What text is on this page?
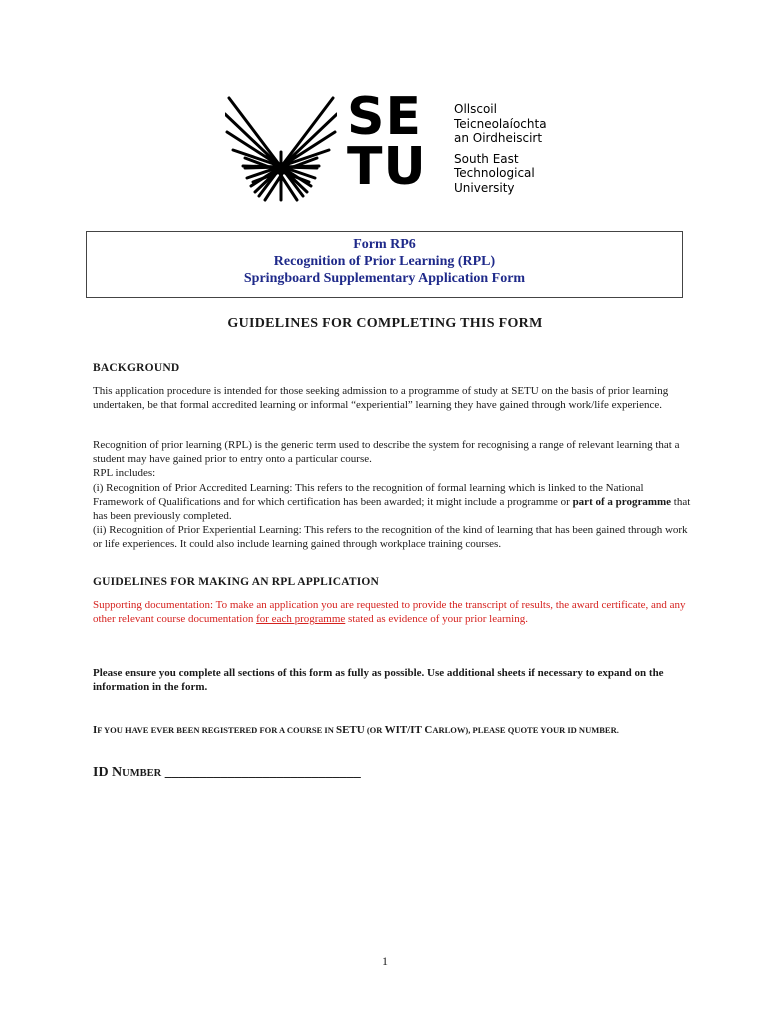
SE
TU
Ollscoil
Teicneolaíochta
an Oirdheiscirt
South East
Technological
University
Form RP6
Recognition of Prior Learning (RPL)
Springboard Supplementary Application Form
GUIDELINES FOR COMPLETING THIS FORM
BACKGROUND
This application procedure is intended for those seeking admission to a programme of study at SETU on the basis of prior learning undertaken, be that formal accredited learning or informal “experiential” learning they have gained through work/life experience.
Recognition of prior learning (RPL) is the generic term used to describe the system for recognising a range of relevant learning that a student may have gained prior to entry onto a particular course.
RPL includes:
(i) Recognition of Prior Accredited Learning: This refers to the recognition of formal learning which is linked to the National Framework of Qualifications and for which certification has been awarded; it might include a programme or part of a programme that has been previously completed.
(ii) Recognition of Prior Experiential Learning: This refers to the recognition of the kind of learning that has been gained through work or life experiences. It could also include learning gained through workplace training courses.
GUIDELINES FOR MAKING AN RPL APPLICATION
Supporting documentation: To make an application you are requested to provide the transcript of results, the award certificate, and any other relevant course documentation for each programme stated as evidence of your prior learning.
Please ensure you complete all sections of this form as fully as possible. Use additional sheets if necessary to expand on the information in the form.
IF YOU HAVE EVER BEEN REGISTERED FOR A COURSE IN SETU (OR WIT/IT CARLOW), PLEASE QUOTE YOUR ID NUMBER.
ID NUMBER ____________________________
1
